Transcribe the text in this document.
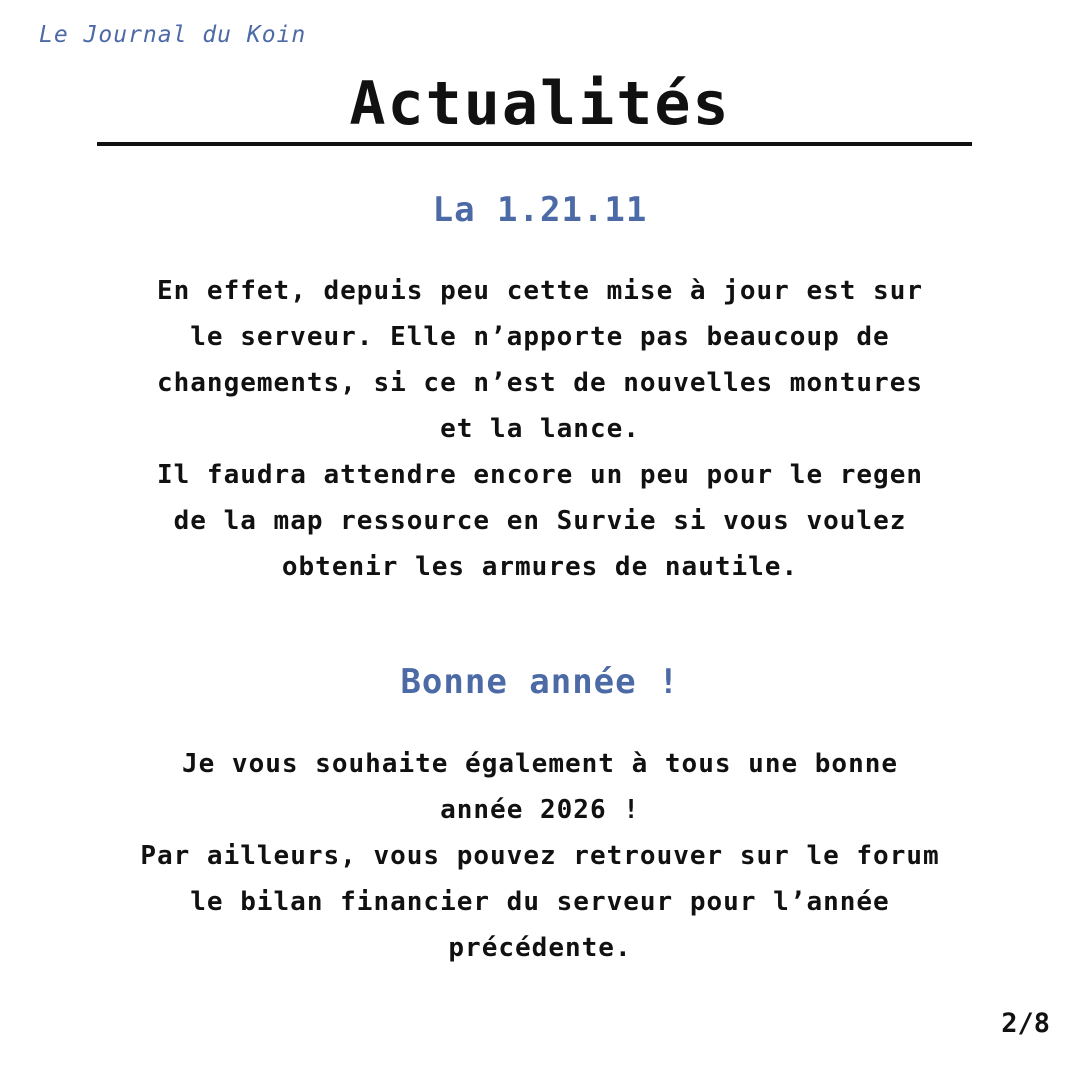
Le Journal du Koin
Actualités
La 1.21.11

En effet, depuis peu cette mise à jour est sur le serveur. Elle n’apporte pas beaucoup de changements, si ce n’est de nouvelles montures et la lance.

Il faudra attendre encore un peu pour le regen de la map ressource en Survie si vous voulez obtenir les armures de nautile.

Bonne année !

Je vous souhaite également à tous une bonne année 2026 !

Par ailleurs, vous pouvez retrouver sur le forum le bilan financier du serveur pour l’année précédente.

2/8
